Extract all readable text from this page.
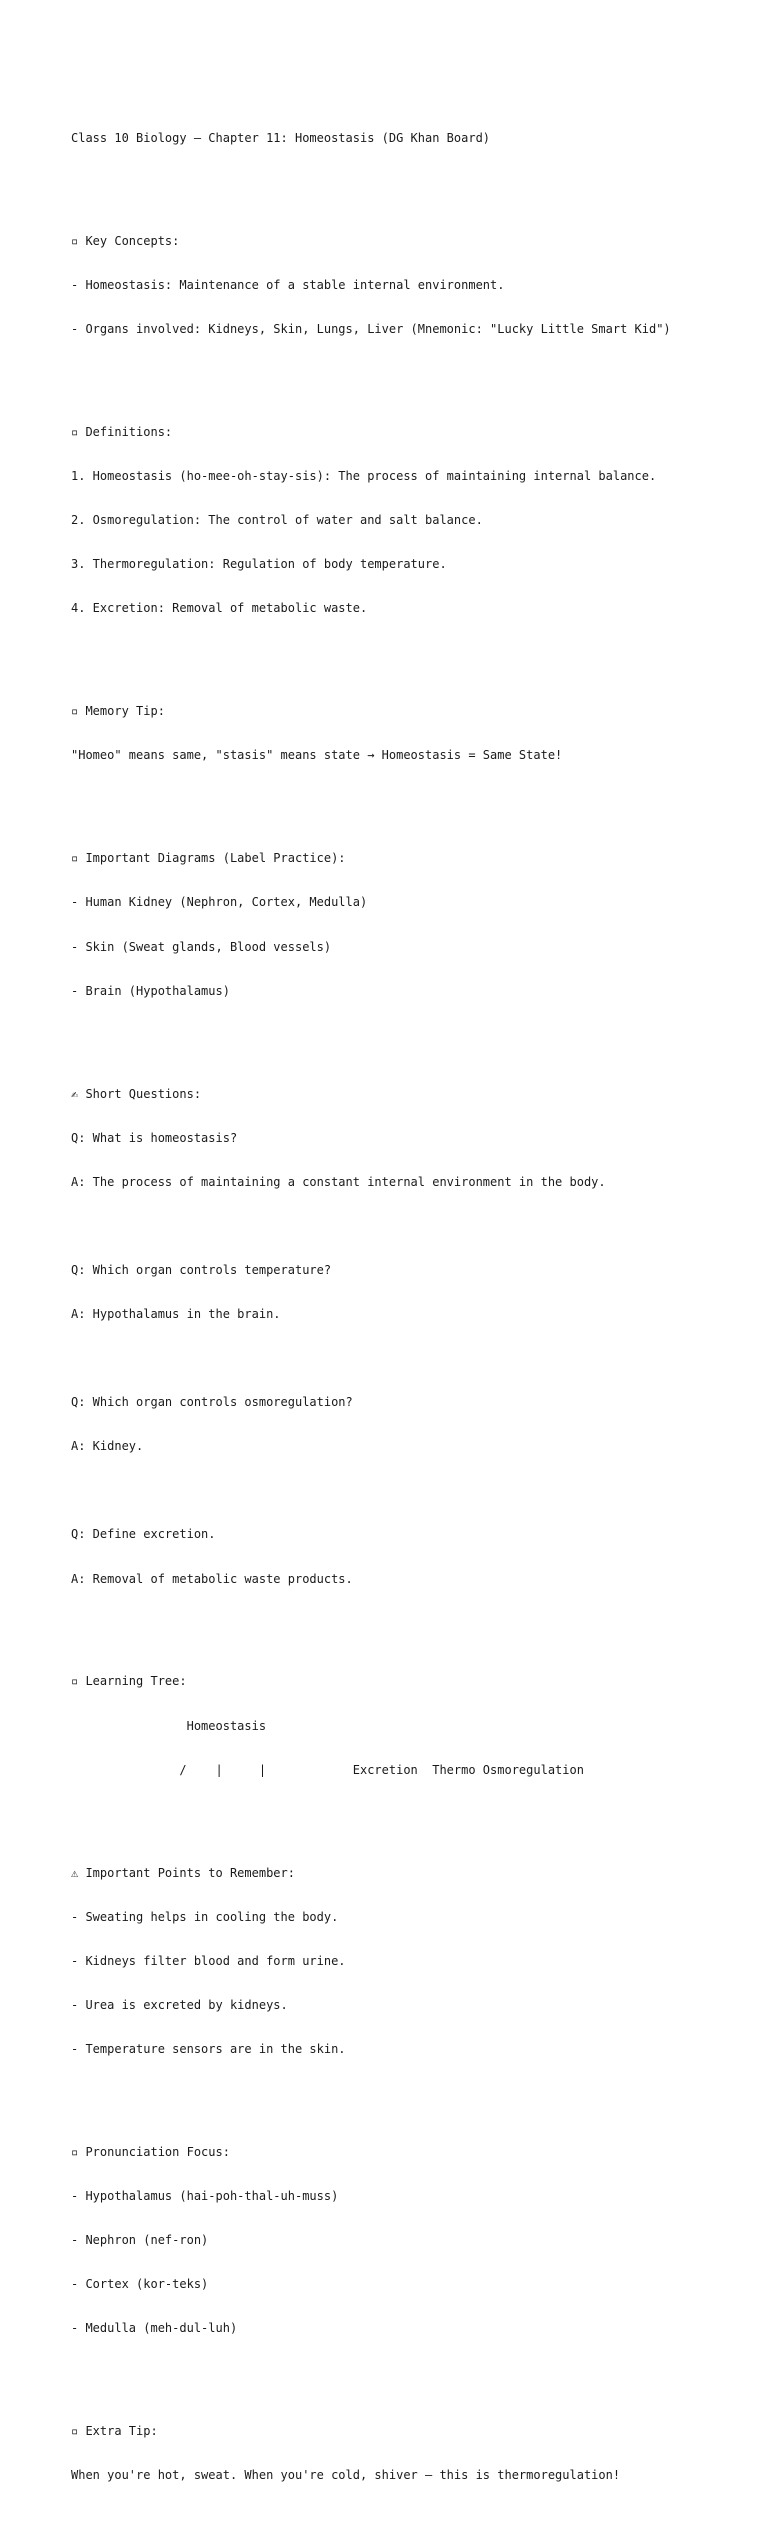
Class 10 Biology – Chapter 11: Homeostasis (DG Khan Board)

▫ Key Concepts:

- Homeostasis: Maintenance of a stable internal environment.

- Organs involved: Kidneys, Skin, Lungs, Liver (Mnemonic: "Lucky Little Smart Kid")

▫ Definitions:

1. Homeostasis (ho-mee-oh-stay-sis): The process of maintaining internal balance.

2. Osmoregulation: The control of water and salt balance.

3. Thermoregulation: Regulation of body temperature.

4. Excretion: Removal of metabolic waste.

▫ Memory Tip:

"Homeo" means same, "stasis" means state → Homeostasis = Same State!

▫ Important Diagrams (Label Practice):

- Human Kidney (Nephron, Cortex, Medulla)

- Skin (Sweat glands, Blood vessels)

- Brain (Hypothalamus)

✍ Short Questions:

Q: What is homeostasis?

A: The process of maintaining a constant internal environment in the body.

Q: Which organ controls temperature?

A: Hypothalamus in the brain.

Q: Which organ controls osmoregulation?

A: Kidney.

Q: Define excretion.

A: Removal of metabolic waste products.

▫ Learning Tree:

Homeostasis

/    |     |            Excretion  Thermo Osmoregulation

⚠ Important Points to Remember:

- Sweating helps in cooling the body.

- Kidneys filter blood and form urine.

- Urea is excreted by kidneys.

- Temperature sensors are in the skin.

▫ Pronunciation Focus:

- Hypothalamus (hai-poh-thal-uh-muss)

- Nephron (nef-ron)

- Cortex (kor-teks)

- Medulla (meh-dul-luh)

▫ Extra Tip:

When you're hot, sweat. When you're cold, shiver – this is thermoregulation!
